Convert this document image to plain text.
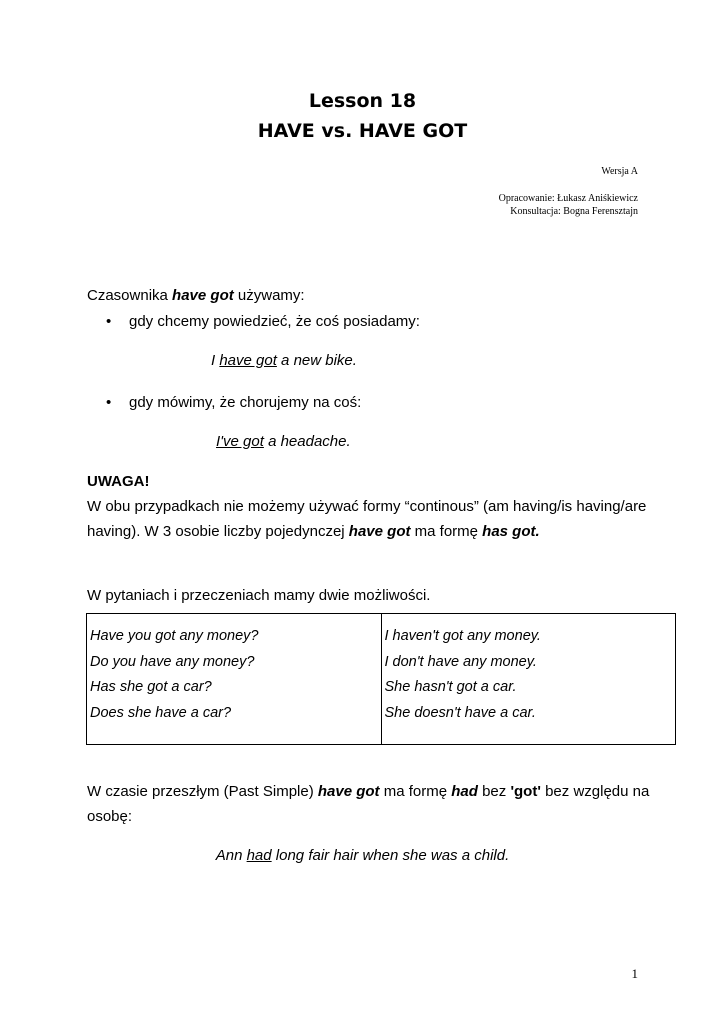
Lesson 18
HAVE vs. HAVE GOT
Wersja A
Opracowanie: Łukasz Aniśkiewicz
Konsultacja: Bogna Ferensztajn
Czasownika have got używamy:
• gdy chcemy powiedzieć, że coś posiadamy:
I have got a new bike.
• gdy mówimy, że chorujemy na coś:
I've got a headache.
UWAGA!
W obu przypadkach nie możemy używać formy “continous” (am having/is having/are
having). W 3 osobie liczby pojedynczej have got ma formę has got.
W pytaniach i przeczeniach mamy dwie możliwości.
Have you got any money?
Do you have any money?
Has she got a car?
Does she have a car?

I haven't got any money.
I don't have any money.
She hasn't got a car.
She doesn't have a car.
W czasie przeszłym (Past Simple) have got ma formę had bez 'got' bez względu na
osobę:
Ann had long fair hair when she was a child.
1
